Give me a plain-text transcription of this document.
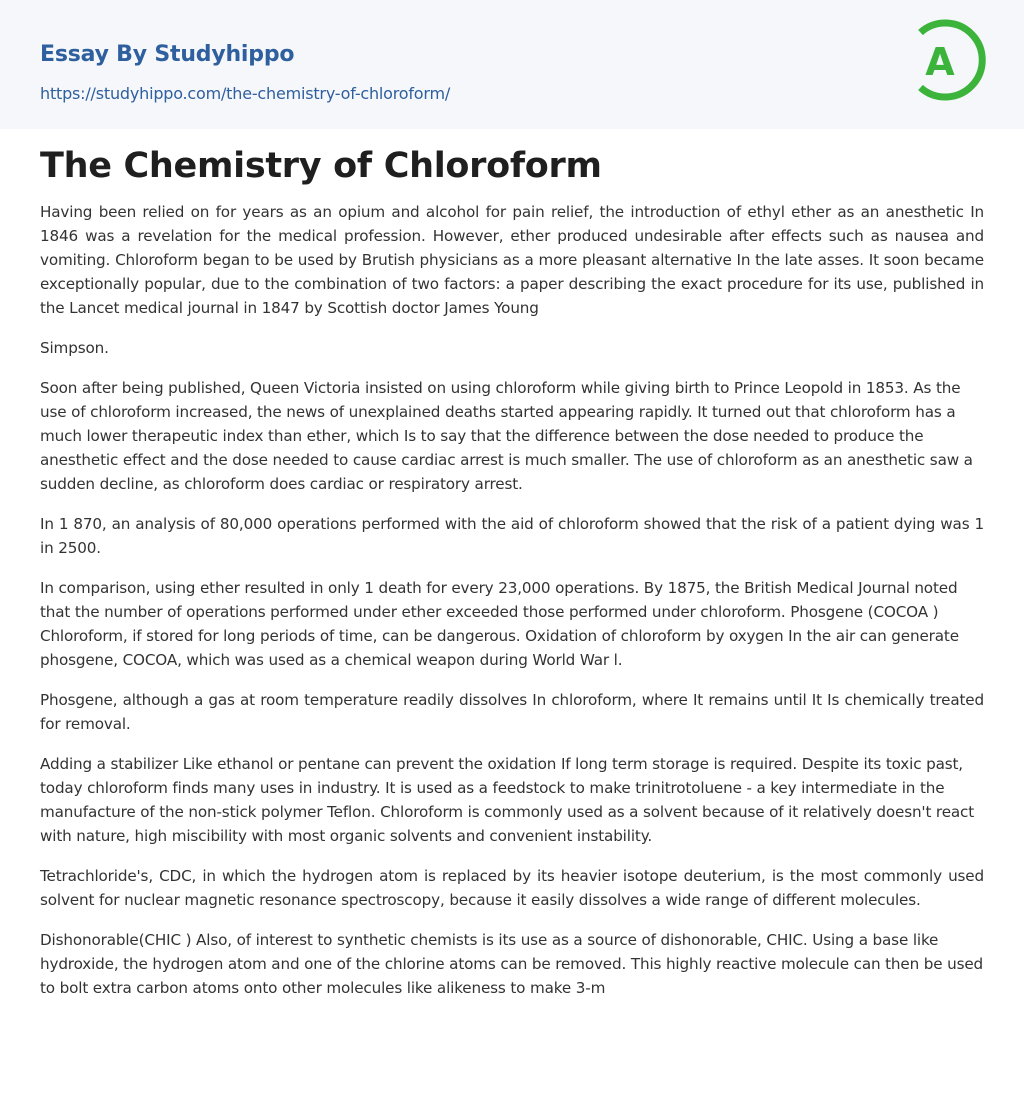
Essay By Studyhippo
https://studyhippo.com/the-chemistry-of-chloroform/
A
The Chemistry of Chloroform

Having been relied on for years as an opium and alcohol for pain relief, the introduction of ethyl ether as an anesthetic In 1846 was a revelation for the medical profession. However, ether produced undesirable after effects such as nausea and vomiting. Chloroform began to be used by Brutish physicians as a more pleasant alternative In the late asses. It soon became exceptionally popular, due to the combination of two factors: a paper describing the exact procedure for its use, published in the Lancet medical journal in 1847 by Scottish doctor James Young

Simpson.

Soon after being published, Queen Victoria insisted on using chloroform while giving birth to Prince Leopold in 1853. As the use of chloroform increased, the news of unexplained deaths started appearing rapidly. It turned out that chloroform has a much lower therapeutic index than ether, which Is to say that the difference between the dose needed to produce the anesthetic effect and the dose needed to cause cardiac arrest is much smaller. The use of chloroform as an anesthetic saw a sudden decline, as chloroform does cardiac or respiratory arrest.

In 1 870, an analysis of 80,000 operations performed with the aid of chloroform showed that the risk of a patient dying was 1 in 2500.

In comparison, using ether resulted in only 1 death for every 23,000 operations. By 1875, the British Medical Journal noted that the number of operations performed under ether exceeded those performed under chloroform. Phosgene (COCOA ) Chloroform, if stored for long periods of time, can be dangerous. Oxidation of chloroform by oxygen In the air can generate phosgene, COCOA, which was used as a chemical weapon during World War l.

Phosgene, although a gas at room temperature readily dissolves In chloroform, where It remains until It Is chemically treated for removal.

Adding a stabilizer Like ethanol or pentane can prevent the oxidation If long term storage is required. Despite its toxic past, today chloroform finds many uses in industry. It is used as a feedstock to make trinitrotoluene - a key intermediate in the manufacture of the non-stick polymer Teflon. Chloroform is commonly used as a solvent because of it relatively doesn't react with nature, high miscibility with most organic solvents and convenient instability.

Tetrachloride's, CDC, in which the hydrogen atom is replaced by its heavier isotope deuterium, is the most commonly used solvent for nuclear magnetic resonance spectroscopy, because it easily dissolves a wide range of different molecules.

Dishonorable(CHIC ) Also, of interest to synthetic chemists is its use as a source of dishonorable, CHIC. Using a base like hydroxide, the hydrogen atom and one of the chlorine atoms can be removed. This highly reactive molecule can then be used to bolt extra carbon atoms onto other molecules like alikeness to make 3-m
